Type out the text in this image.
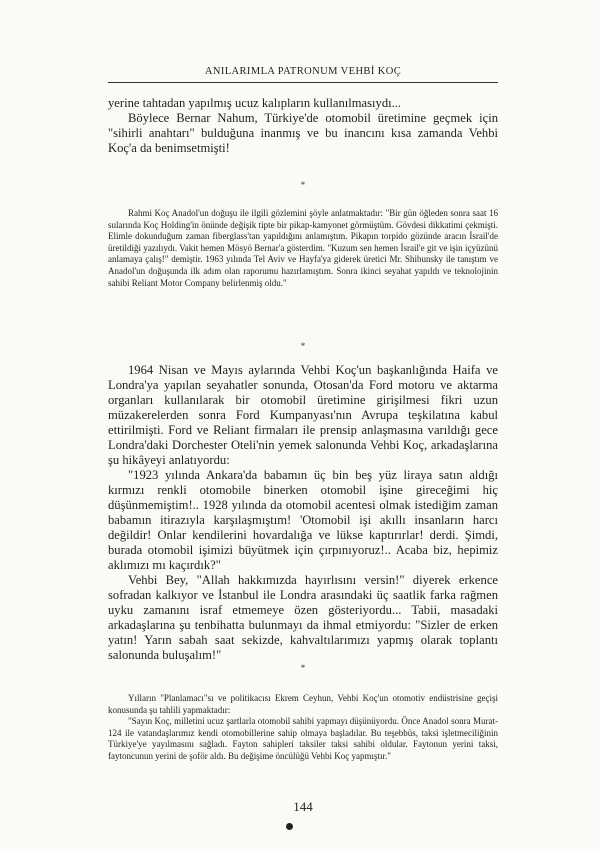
ANILARIMLA PATRONUM VEHBİ KOÇ

yerine tahtadan yapılmış ucuz kalıpların kullanılmasıydı...

Böylece Bernar Nahum, Türkiye'de otomobil üretimine geçmek için "sihirli anahtarı" bulduğuna inanmış ve bu inancını kısa zamanda Vehbi Koç'a da benimsetmişti!

*

Rahmi Koç Anadol'un doğuşu ile ilgili gözlemini şöyle anlatmaktadır: "Bir gün öğleden sonra saat 16 sularında Koç Holding'in önünde değişik tipte bir pikap-kamyonet görmüştüm. Gövdesi dikkatimi çekmişti. Elimle dokunduğum zaman fiberglass'tan yapıldığını anlamıştım. Pikapın torpido gözünde aracın İsrail'de üretildiği yazılıydı. Vakit hemen Mösyö Bernar'a gösterdim. "Kuzum sen hemen İsrail'e git ve işin içyüzünü anlamaya çalış!" demiştir. 1963 yılında Tel Aviv ve Hayfa'ya giderek üretici Mr. Shibunsky ile tanıştım ve Anadol'un doğuşunda ilk adım olan raporumu hazırlamıştım. Sonra ikinci seyahat yapıldı ve teknolojinin sahibi Reliant Motor Company belirlenmiş oldu."

*

1964 Nisan ve Mayıs aylarında Vehbi Koç'un başkanlığında Haifa ve Londra'ya yapılan seyahatler sonunda, Otosan'da Ford motoru ve aktarma organları kullanılarak bir otomobil üretimine girişilmesi fikri uzun müzakerelerden sonra Ford Kumpanyası'nın Avrupa teşkilatına kabul ettirilmişti. Ford ve Reliant firmaları ile prensip anlaşmasına varıldığı gece Londra'daki Dorchester Oteli'nin yemek salonunda Vehbi Koç, arkadaşlarına şu hikâyeyi anlatıyordu:

"1923 yılında Ankara'da babamın üç bin beş yüz liraya satın aldığı kırmızı renkli otomobile binerken otomobil işine gireceğimi hiç düşünmemiştim!.. 1928 yılında da otomobil acentesi olmak istediğim zaman babamın itirazıyla karşılaşmıştım! 'Otomobil işi akıllı insanların harcı değildir! Onlar kendilerini hovardalığa ve lükse kaptırırlar! derdi. Şimdi, burada otomobil işimizi büyütmek için çırpınıyoruz!.. Acaba biz, hepimiz aklımızı mı kaçırdık?"

Vehbi Bey, "Allah hakkımızda hayırlısını versin!" diyerek erkence sofradan kalkıyor ve İstanbul ile Londra arasındaki üç saatlik farka rağmen uyku zamanını israf etmemeye özen gösteriyordu... Tabii, masadaki arkadaşlarına şu tenbihatta bulunmayı da ihmal etmiyordu: "Sizler de erken yatın! Yarın sabah saat sekizde, kahvaltılarımızı yapmış olarak toplantı salonunda buluşalım!"

*

Yılların "Planlamacı"sı ve politikacısı Ekrem Ceyhun, Vehbi Koç'un otomotiv endüstrisine geçişi konusunda şu tahlili yapmaktadır:

"Sayın Koç, milletini ucuz şartlarla otomobil sahibi yapmayı düşünüyordu. Önce Anadol sonra Murat-124 ile vatandaşlarımız kendi otomobillerine sahip olmaya başladılar. Bu teşebbüs, taksi işletmeciliğinin Türkiye'ye yayılmasını sağladı. Fayton sahipleri taksiler taksi sahibi oldular. Faytonun yerini taksi, faytoncunun yerini de şoför aldı. Bu değişime öncülüğü Vehbi Koç yapmıştır."

144
